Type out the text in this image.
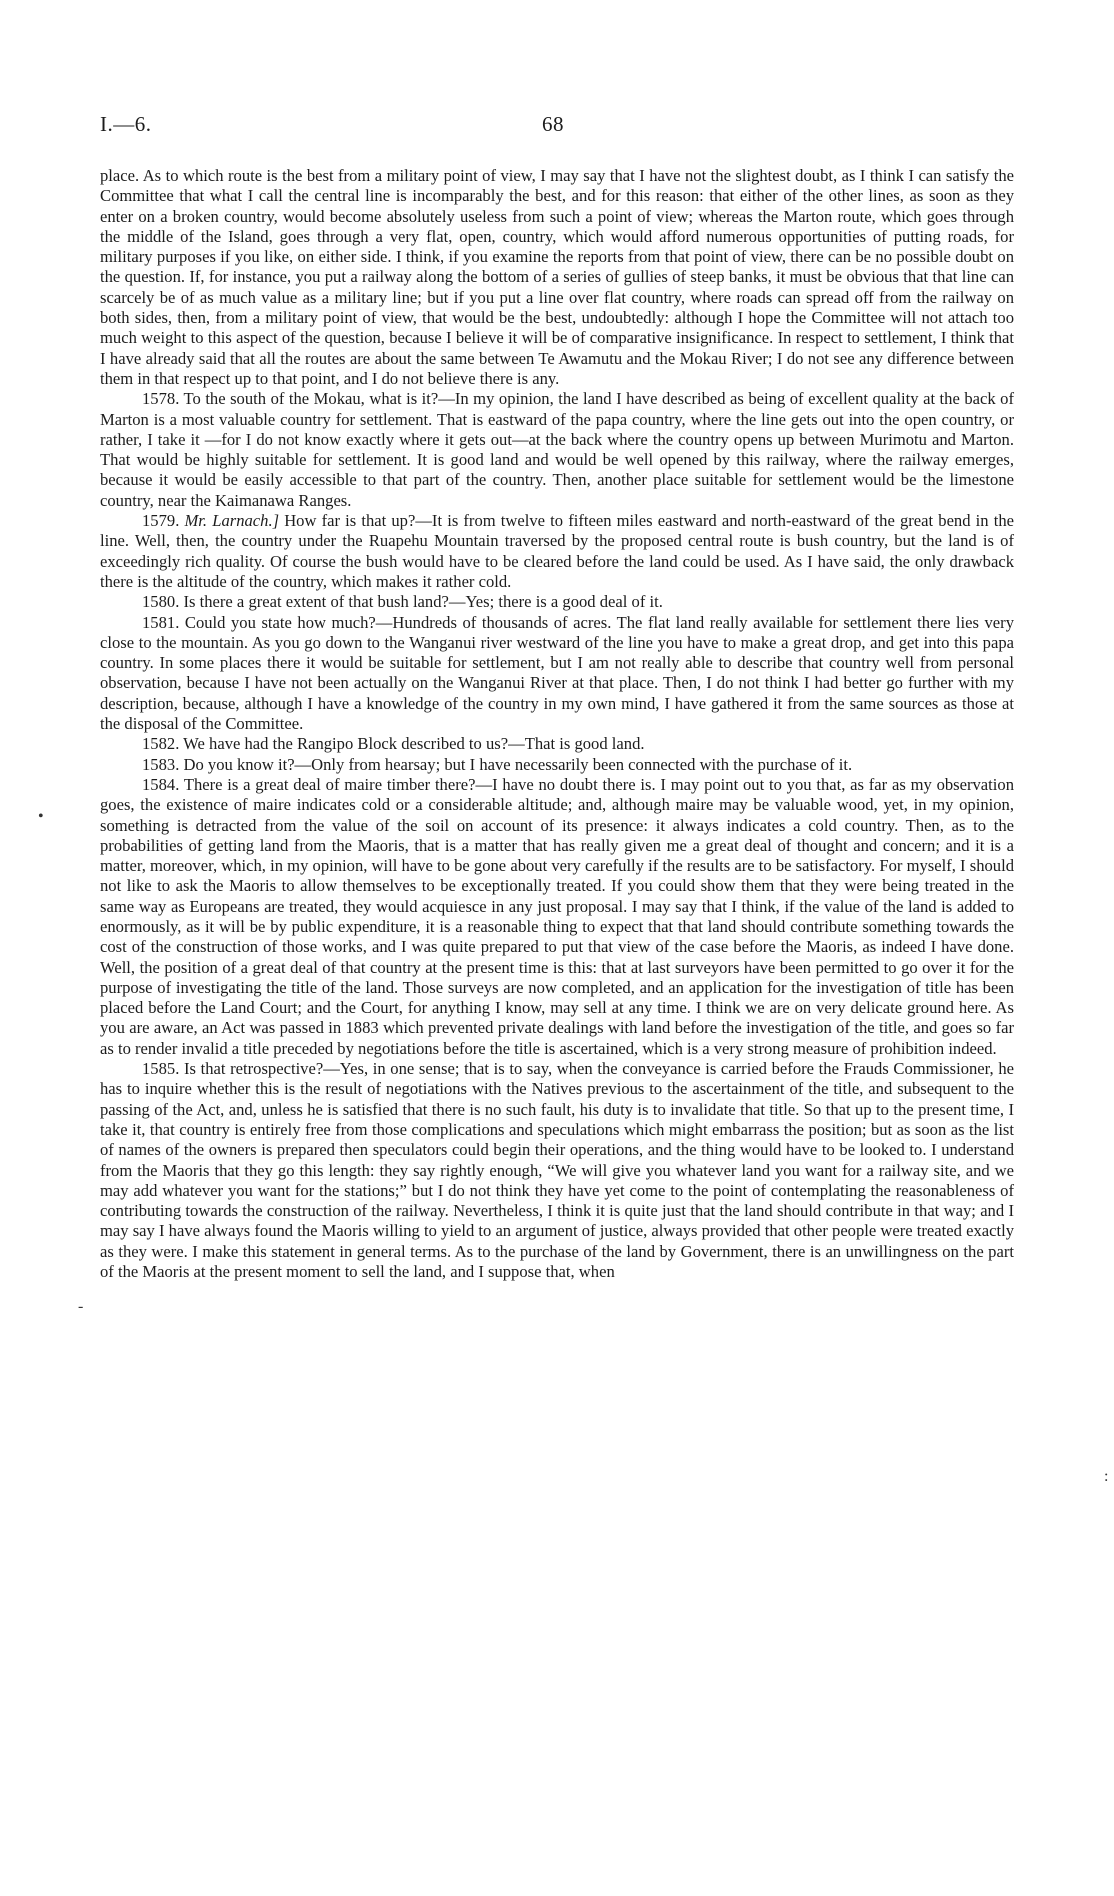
I.—6.	68

place. As to which route is the best from a military point of view, I may say that I have not the slightest doubt, as I think I can satisfy the Committee that what I call the central line is incomparably the best, and for this reason: that either of the other lines, as soon as they enter on a broken country, would become absolutely useless from such a point of view; whereas the Marton route, which goes through the middle of the Island, goes through a very flat, open, country, which would afford numerous opportunities of putting roads, for military purposes if you like, on either side. I think, if you examine the reports from that point of view, there can be no possible doubt on the question. If, for instance, you put a railway along the bottom of a series of gullies of steep banks, it must be obvious that that line can scarcely be of as much value as a military line; but if you put a line over flat country, where roads can spread off from the railway on both sides, then, from a military point of view, that would be the best, undoubtedly: although I hope the Committee will not attach too much weight to this aspect of the question, because I believe it will be of comparative insignificance. In respect to settlement, I think that I have already said that all the routes are about the same between Te Awamutu and the Mokau River; I do not see any difference between them in that respect up to that point, and I do not believe there is any.

1578. To the south of the Mokau, what is it?—In my opinion, the land I have described as being of excellent quality at the back of Marton is a most valuable country for settlement. That is eastward of the papa country, where the line gets out into the open country, or rather, I take it —for I do not know exactly where it gets out—at the back where the country opens up between Murimotu and Marton. That would be highly suitable for settlement. It is good land and would be well opened by this railway, where the railway emerges, because it would be easily accessible to that part of the country. Then, another place suitable for settlement would be the limestone country, near the Kaimanawa Ranges.

1579. Mr. Larnach.] How far is that up?—It is from twelve to fifteen miles eastward and north-eastward of the great bend in the line. Well, then, the country under the Ruapehu Mountain traversed by the proposed central route is bush country, but the land is of exceedingly rich quality. Of course the bush would have to be cleared before the land could be used. As I have said, the only drawback there is the altitude of the country, which makes it rather cold.

1580. Is there a great extent of that bush land?—Yes; there is a good deal of it.

1581. Could you state how much?—Hundreds of thousands of acres. The flat land really available for settlement there lies very close to the mountain. As you go down to the Wanganui river westward of the line you have to make a great drop, and get into this papa country. In some places there it would be suitable for settlement, but I am not really able to describe that country well from personal observation, because I have not been actually on the Wanganui River at that place. Then, I do not think I had better go further with my description, because, although I have a knowledge of the country in my own mind, I have gathered it from the same sources as those at the disposal of the Committee.

1582. We have had the Rangipo Block described to us?—That is good land.

1583. Do you know it?—Only from hearsay; but I have necessarily been connected with the purchase of it.

1584. There is a great deal of maire timber there?—I have no doubt there is. I may point out to you that, as far as my observation goes, the existence of maire indicates cold or a considerable altitude; and, although maire may be valuable wood, yet, in my opinion, something is detracted from the value of the soil on account of its presence: it always indicates a cold country. Then, as to the probabilities of getting land from the Maoris, that is a matter that has really given me a great deal of thought and concern; and it is a matter, moreover, which, in my opinion, will have to be gone about very carefully if the results are to be satisfactory. For myself, I should not like to ask the Maoris to allow themselves to be exceptionally treated. If you could show them that they were being treated in the same way as Europeans are treated, they would acquiesce in any just proposal. I may say that I think, if the value of the land is added to enormously, as it will be by public expenditure, it is a reasonable thing to expect that that land should contribute something towards the cost of the construction of those works, and I was quite prepared to put that view of the case before the Maoris, as indeed I have done. Well, the position of a great deal of that country at the present time is this: that at last surveyors have been permitted to go over it for the purpose of investigating the title of the land. Those surveys are now completed, and an application for the investigation of title has been placed before the Land Court; and the Court, for anything I know, may sell at any time. I think we are on very delicate ground here. As you are aware, an Act was passed in 1883 which prevented private dealings with land before the investigation of the title, and goes so far as to render invalid a title preceded by negotiations before the title is ascertained, which is a very strong measure of prohibition indeed.

1585. Is that retrospective?—Yes, in one sense; that is to say, when the conveyance is carried before the Frauds Commissioner, he has to inquire whether this is the result of negotiations with the Natives previous to the ascertainment of the title, and subsequent to the passing of the Act, and, unless he is satisfied that there is no such fault, his duty is to invalidate that title. So that up to the present time, I take it, that country is entirely free from those complications and speculations which might embarrass the position; but as soon as the list of names of the owners is prepared then speculators could begin their operations, and the thing would have to be looked to. I understand from the Maoris that they go this length: they say rightly enough, “We will give you whatever land you want for a railway site, and we may add whatever you want for the stations;” but I do not think they have yet come to the point of contemplating the reasonableness of contributing towards the construction of the railway. Nevertheless, I think it is quite just that the land should contribute in that way; and I may say I have always found the Maoris willing to yield to an argument of justice, always provided that other people were treated exactly as they were. I make this statement in general terms. As to the purchase of the land by Government, there is an unwillingness on the part of the Maoris at the present moment to sell the land, and I suppose that, when

•
-
:
